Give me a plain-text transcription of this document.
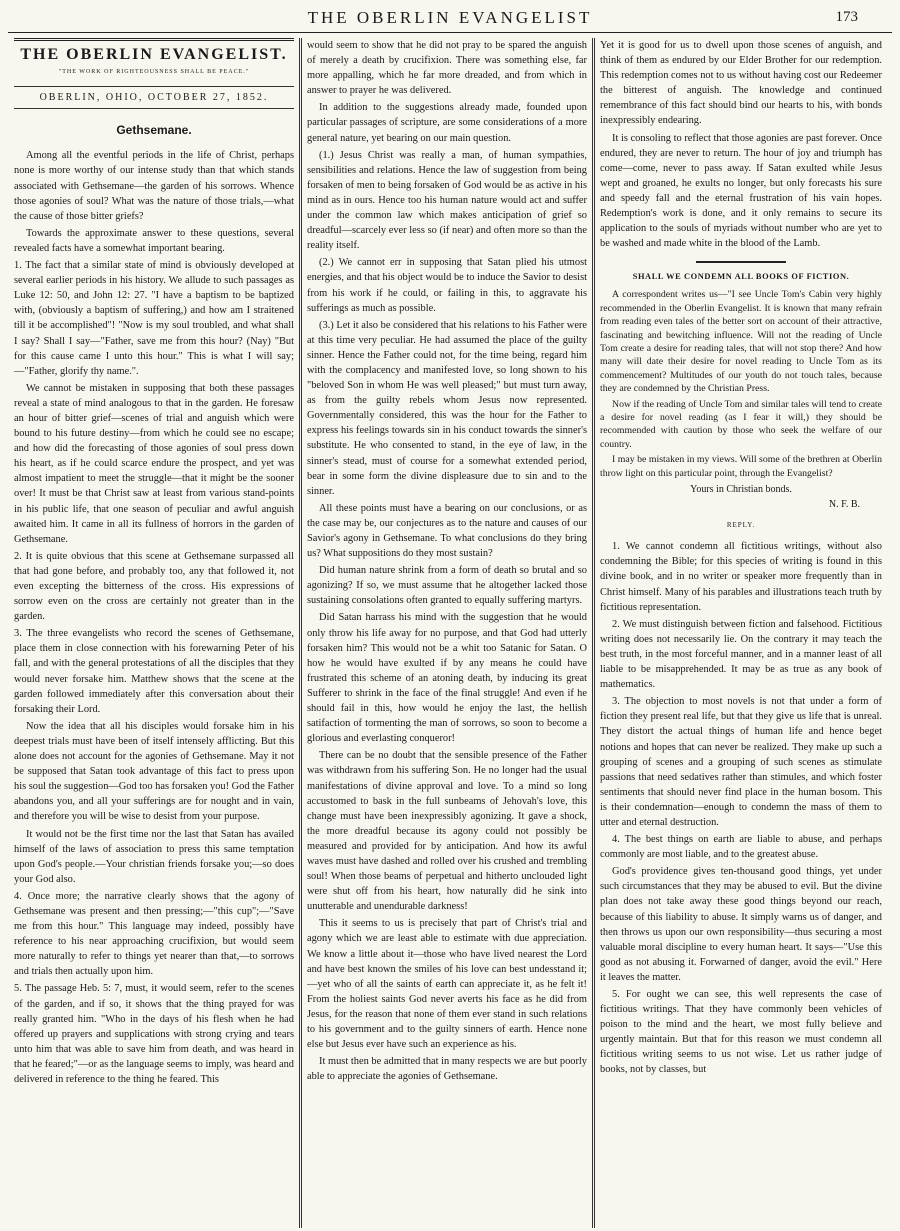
THE OBERLIN EVANGELIST	173
THE OBERLIN EVANGELIST.
"THE WORK OF RIGHTEOUSNESS SHALL BE PEACE."
OBERLIN, OHIO, OCTOBER 27, 1852.
Gethsemane.

Among all the eventful periods in the life of Christ, perhaps none is more worthy of our intense study than that which stands associated with Gethsemane—the garden of his sorrows. Whence those agonies of soul? What was the nature of those trials,—what the cause of those bitter griefs?

Towards the approximate answer to these questions, several revealed facts have a somewhat important bearing.

1. The fact that a similar state of mind is obviously developed at several earlier periods in his history. We allude to such passages as Luke 12: 50, and John 12: 27. "I have a baptism to be baptized with, (obviously a baptism of suffering,) and how am I straitened till it be accomplished"! "Now is my soul troubled, and what shall I say? Shall I say—"Father, save me from this hour? (Nay) "But for this cause came I unto this hour." This is what I will say;—"Father, glorify thy name.".

We cannot be mistaken in supposing that both these passages reveal a state of mind analogous to that in the garden. He foresaw an hour of bitter grief—scenes of trial and anguish which were bound to his future destiny—from which he could see no escape; and how did the forecasting of those agonies of soul press down his heart, as if he could scarce endure the prospect, and yet was almost impatient to meet the struggle—that it might be the sooner over! It must be that Christ saw at least from various stand-points in his public life, that one season of peculiar and awful anguish awaited him. It came in all its fullness of horrors in the garden of Gethsemane.

2. It is quite obvious that this scene at Gethsemane surpassed all that had gone before, and probably too, any that followed it, not even excepting the bitterness of the cross. His expressions of sorrow even on the cross are certainly not greater than in the garden.

3. The three evangelists who record the scenes of Gethsemane, place them in close connection with his forewarning Peter of his fall, and with the general protestations of all the disciples that they would never forsake him. Matthew shows that the scene at the garden followed immediately after this conversation about their forsaking their Lord.

Now the idea that all his disciples would forsake him in his deepest trials must have been of itself intensely afflicting. But this alone does not account for the agonies of Gethsemane. May it not be supposed that Satan took advantage of this fact to press upon his soul the suggestion—God too has forsaken you! God the Father abandons you, and all your sufferings are for nought and in vain, and therefore you will be wise to desist from your purpose.

It would not be the first time nor the last that Satan has availed himself of the laws of association to press this same temptation upon God's people.—Your christian friends forsake you;—so does your God also.

4. Once more; the narrative clearly shows that the agony of Gethsemane was present and then pressing;—"this cup";—"Save me from this hour." This language may indeed, possibly have reference to his near approaching crucifixion, but would seem more naturally to refer to things yet nearer than that,—to sorrows and trials then actually upon him.

5. The passage Heb. 5: 7, must, it would seem, refer to the scenes of the garden, and if so, it shows that the thing prayed for was really granted him. "Who in the days of his flesh when he had offered up prayers and supplications with strong crying and tears unto him that was able to save him from death, and was heard in that he feared;"—or as the language seems to imply, was heard and delivered in reference to the thing he feared. This

would seem to show that he did not pray to be spared the anguish of merely a death by crucifixion. There was something else, far more appalling, which he far more dreaded, and from which in answer to prayer he was delivered.

In addition to the suggestions already made, founded upon particular passages of scripture, are some considerations of a more general nature, yet bearing on our main question.

(1.) Jesus Christ was really a man, of human sympathies, sensibilities and relations. Hence the law of suggestion from being forsaken of men to being forsaken of God would be as active in his mind as in ours. Hence too his human nature would act and suffer under the common law which makes anticipation of grief so dreadful—scarcely ever less so (if near) and often more so than the reality itself.

(2.) We cannot err in supposing that Satan plied his utmost energies, and that his object would be to induce the Savior to desist from his work if he could, or failing in this, to aggravate his sufferings as much as possible.

(3.) Let it also be considered that his relations to his Father were at this time very peculiar. He had assumed the place of the guilty sinner. Hence the Father could not, for the time being, regard him with the complacency and manifested love, so long shown to his "beloved Son in whom He was well pleased;" but must turn away, as from the guilty rebels whom Jesus now represented. Governmentally considered, this was the hour for the Father to express his feelings towards sin in his conduct towards the sinner's substitute. He who consented to stand, in the eye of law, in the sinner's stead, must of course for a somewhat extended period, bear in some form the divine displeasure due to sin and to the sinner.

All these points must have a bearing on our conclusions, or as the case may be, our conjectures as to the nature and causes of our Savior's agony in Gethsemane. To what conclusions do they bring us? What suppositions do they most sustain?

Did human nature shrink from a form of death so brutal and so agonizing? If so, we must assume that he altogether lacked those sustaining consolations often granted to equally suffering martyrs.

Did Satan harrass his mind with the suggestion that he would only throw his life away for no purpose, and that God had utterly forsaken him? This would not be a whit too Satanic for Satan. O how he would have exulted if by any means he could have frustrated this scheme of an atoning death, by inducing its great Sufferer to shrink in the face of the final struggle! And even if he should fail in this, how would he enjoy the last, the hellish satifaction of tormenting the man of sorrows, so soon to become a glorious and everlasting conqueror!

There can be no doubt that the sensible presence of the Father was withdrawn from his suffering Son. He no longer had the usual manifestations of divine approval and love. To a mind so long accustomed to bask in the full sunbeams of Jehovah's love, this change must have been inexpressibly agonizing. It gave a shock, the more dreadful because its agony could not possibly be measured and provided for by anticipation. And how its awful waves must have dashed and rolled over his crushed and trembling soul! When those beams of perpetual and hitherto unclouded light were shut off from his heart, how naturally did he sink into unutterable and unendurable darkness!

This it seems to us is precisely that part of Christ's trial and agony which we are least able to estimate with due appreciation. We know a little about it—those who have lived nearest the Lord and have best known the smiles of his love can best undesstand it;—yet who of all the saints of earth can appreciate it, as he felt it! From the holiest saints God never averts his face as he did from Jesus, for the reason that none of them ever stand in such relations to his government and to the guilty sinners of earth. Hence none else but Jesus ever have such an experience as his.

It must then be admitted that in many respects we are but poorly able to appreciate the agonies of Gethsemane.

Yet it is good for us to dwell upon those scenes of anguish, and think of them as endured by our Elder Brother for our redemption. This redemption comes not to us without having cost our Redeemer the bitterest of anguish. The knowledge and continued remembrance of this fact should bind our hearts to his, with bonds inexpressibly endearing.

It is consoling to reflect that those agonies are past forever. Once endured, they are never to return. The hour of joy and triumph has come—come, never to pass away. If Satan exulted while Jesus wept and groaned, he exults no longer, but only forecasts his sure and speedy fall and the eternal frustration of his vain hopes. Redemption's work is done, and it only remains to secure its application to the souls of myriads without number who are yet to be washed and made white in the blood of the Lamb.

SHALL WE CONDEMN ALL BOOKS OF FICTION.

A correspondent writes us—"I see Uncle Tom's Cabin very highly recommended in the Oberlin Evangelist. It is known that many refrain from reading even tales of the better sort on account of their attractive, fascinating and bewitching influence. Will not the reading of Uncle Tom create a desire for reading tales, that will not stop there? And how many will date their desire for novel reading to Uncle Tom as its commencement? Multitudes of our youth do not touch tales, because they are condemned by the Christian Press.

Now if the reading of Uncle Tom and similar tales will tend to create a desire for novel reading (as I fear it will,) they should be recommended with caution by those who seek the welfare of our country.

I may be mistaken in my views. Will some of the brethren at Oberlin throw light on this particular point, through the Evangelist?

Yours in Christian bonds.
N. F. B.
REPLY.

1. We cannot condemn all fictitious writings, without also condemning the Bible; for this species of writing is found in this divine book, and in no writer or speaker more frequently than in Christ himself. Many of his parables and illustrations teach truth by fictitious representation.

2. We must distinguish between fiction and falsehood. Fictitious writing does not necessarily lie. On the contrary it may teach the best truth, in the most forceful manner, and in a manner least of all liable to be misapprehended. It may be as true as any book of mathematics.

3. The objection to most novels is not that under a form of fiction they present real life, but that they give us life that is unreal. They distort the actual things of human life and hence beget notions and hopes that can never be realized. They make up such a grouping of scenes and a grouping of such scenes as stimulate passions that need sedatives rather than stimules, and which foster sentiments that should never find place in the human bosom. This is their condemnation—enough to condemn the mass of them to utter and eternal destruction.

4. The best things on earth are liable to abuse, and perhaps commonly are most liable, and to the greatest abuse.

God's providence gives ten-thousand good things, yet under such circumstances that they may be abused to evil. But the divine plan does not take away these good things beyond our reach, because of this liability to abuse. It simply warns us of danger, and then throws us upon our own responsibility—thus securing a most valuable moral discipline to every human heart. It says—"Use this good as not abusing it. Forwarned of danger, avoid the evil." Here it leaves the matter.

5. For ought we can see, this well represents the case of fictitious writings. That they have commonly been vehicles of poison to the mind and the heart, we most fully believe and urgently maintain. But that for this reason we must condemn all fictitious writing seems to us not wise. Let us rather judge of books, not by classes, but
